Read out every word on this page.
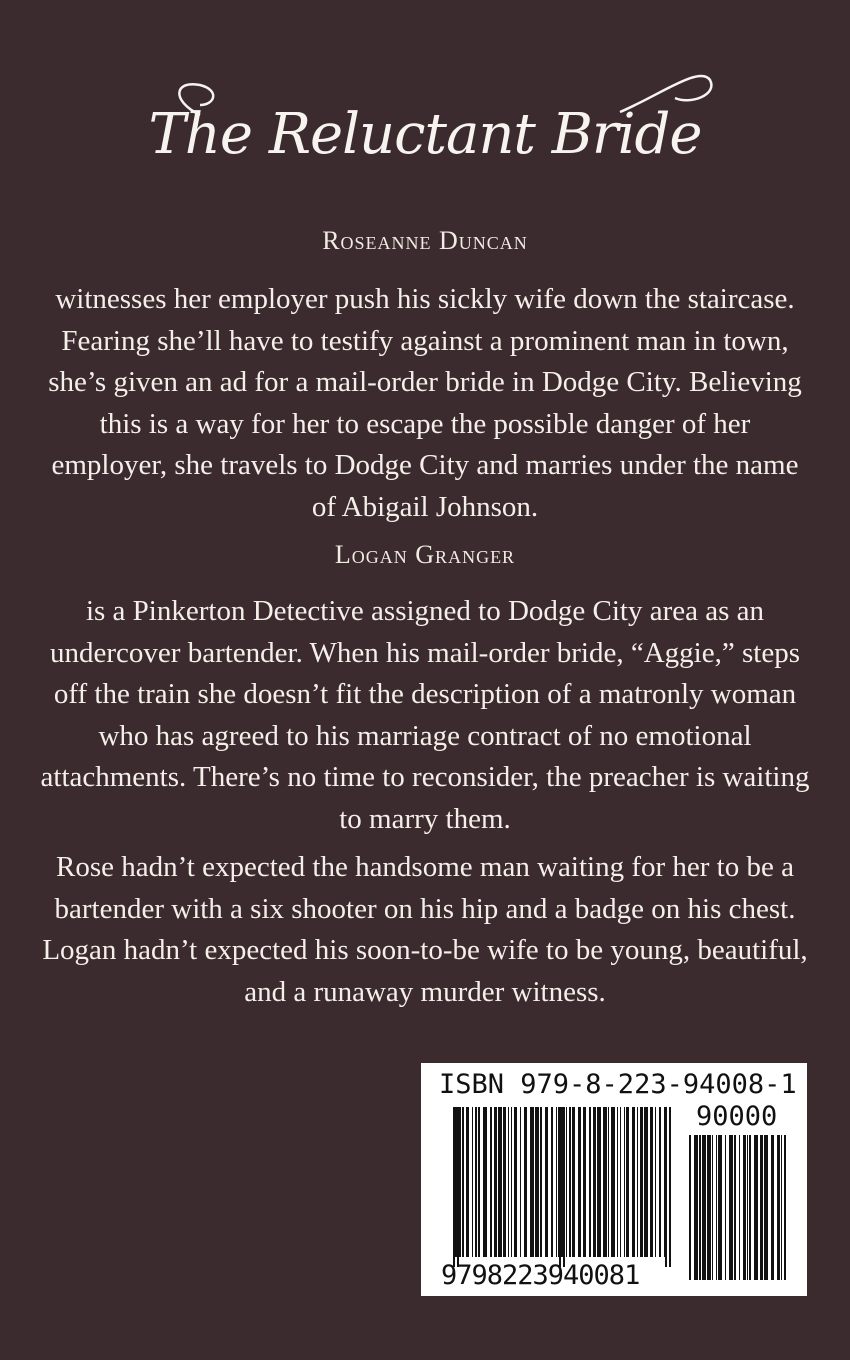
The Reluctant Bride
Roseanne Duncan
witnesses her employer push his sickly wife down the staircase. Fearing she’ll have to testify against a prominent man in town, she’s given an ad for a mail-order bride in Dodge City. Believing this is a way for her to escape the possible danger of her employer, she travels to Dodge City and marries under the name of Abigail Johnson.
Logan Granger
is a Pinkerton Detective assigned to Dodge City area as an undercover bartender. When his mail-order bride, “Aggie,” steps off the train she doesn’t fit the description of a matronly woman who has agreed to his marriage contract of no emotional attachments. There’s no time to reconsider, the preacher is waiting to marry them.
Rose hadn’t expected the handsome man waiting for her to be a bartender with a six shooter on his hip and a badge on his chest. Logan hadn’t expected his soon-to-be wife to be young, beautiful, and a runaway murder witness.
ISBN 979-8-223-94008-1
90000
9798223940081
